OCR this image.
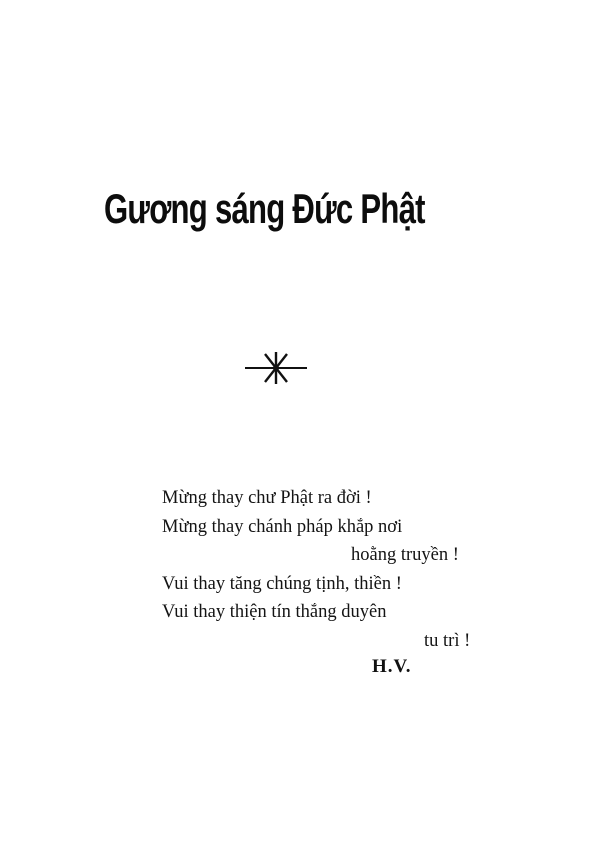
Gương sáng Đức Phật
Mừng thay chư Phật ra đời !
Mừng thay chánh pháp khắp nơi
hoằng truyền !
Vui thay tăng chúng tịnh, thiền !
Vui thay thiện tín thắng duyên
tu trì !
H.V.
